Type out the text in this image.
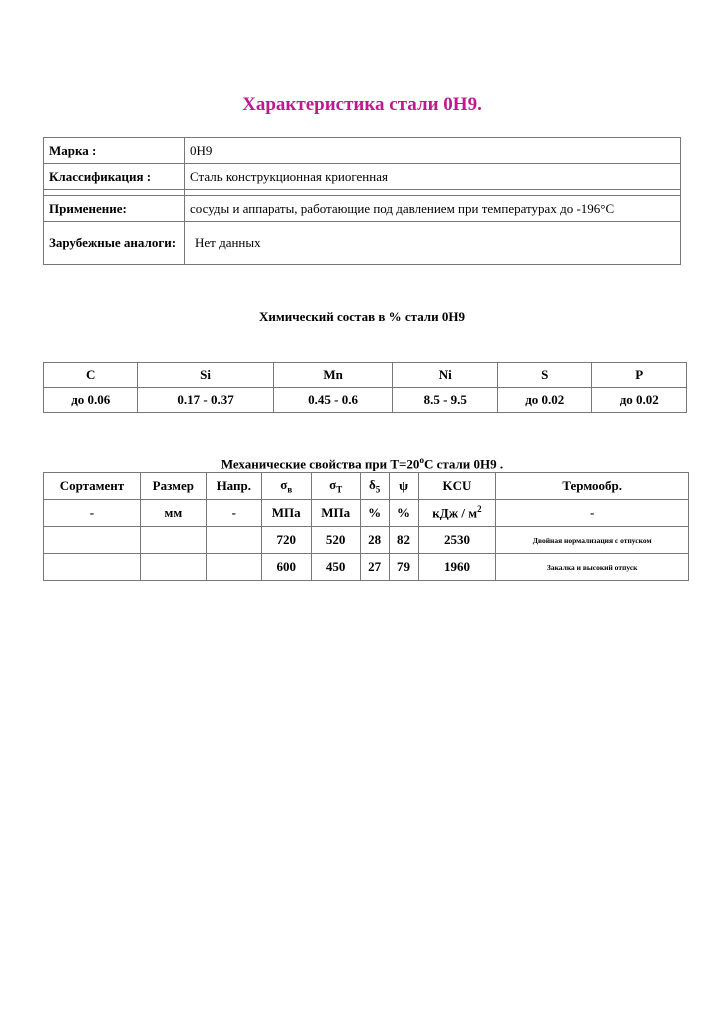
Характеристика стали 0Н9.
Марка :	0Н9
Классификация :	Сталь конструкционная криогенная

Применение:	сосуды и аппараты, работающие под давлением при температурах до -196°С
Зарубежные аналоги:	Нет данных
Химический состав в % стали 0Н9
C	Si	Mn	Ni	S	P
до 0.06	0.17 - 0.37	0.45 - 0.6	8.5 - 9.5	до 0.02	до 0.02
Механические свойства при $Т=20^oС$ стали 0Н9 .
Сортамент	Размер	Напр.	$\sigma_в$	$\sigma_T$	$\delta_5$	ψ	KCU	Термообр.
-	мм	-	МПа	МПа	%	%	кДж / $м^2$	-
			720	520	28	82	2530	Двойная нормализация с отпуском
			600	450	27	79	1960	Закалка и высокий отпуск
